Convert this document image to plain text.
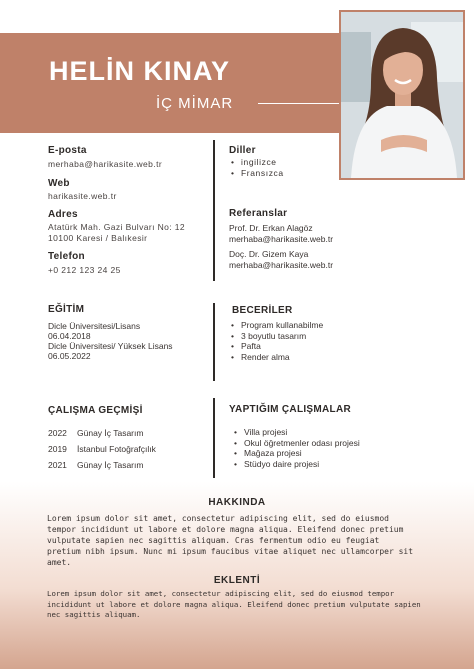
HELİN KINAY
İÇ MİMAR
E-posta
merhaba@harikasite.web.tr
Web
harikasite.web.tr
Adres
Atatürk Mah. Gazi Bulvarı No: 12
10100 Karesi / Balıkesir
Telefon
+0 212 123 24 25
Diller
• ingilizce
• Fransızca
Referanslar
Prof. Dr. Erkan Alagöz
merhaba@harikasite.web.tr
Doç. Dr. Gizem Kaya
merhaba@harikasite.web.tr
EĞİTİM
Dicle Üniversitesi/Lisans
06.04.2018
Dicle Üniversitesi/ Yüksek Lisans
06.05.2022
BECERİLER
• Program kullanabilme
• 3 boyutlu tasarım
• Pafta
• Render alma
ÇALIŞMA GEÇMİŞİ
2022 Günay İç Tasarım
2019 İstanbul Fotoğrafçılık
2021 Günay İç Tasarım
YAPTIĞIM ÇALIŞMALAR
• Villa projesi
• Okul öğretmenler odası projesi
• Mağaza projesi
• Stüdyo daire projesi
HAKKINDA
Lorem ipsum dolor sit amet, consectetur adipiscing elit, sed do eiusmod
tempor incididunt ut labore et dolore magna aliqua. Eleifend donec pretium
vulputate sapien nec sagittis aliquam. Cras fermentum odio eu feugiat
pretium nibh ipsum. Nunc mi ipsum faucibus vitae aliquet nec ullamcorper sit
amet.
EKLENTİ
Lorem ipsum dolor sit amet, consectetur adipiscing elit, sed do eiusmod tempor
incididunt ut labore et dolore magna aliqua. Eleifend donec pretium vulputate sapien
nec sagittis aliquam.
